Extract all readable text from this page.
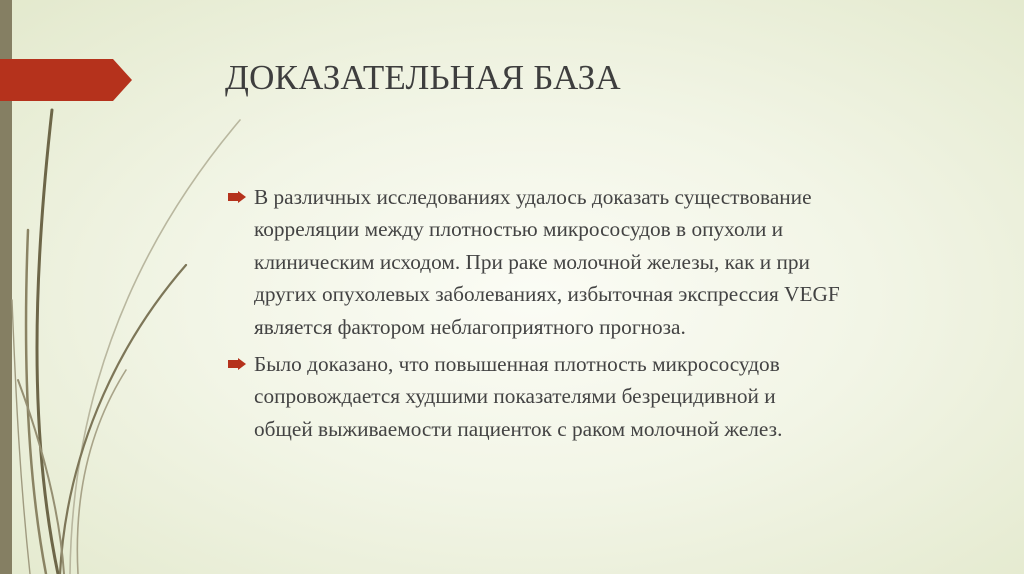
ДОКАЗАТЕЛЬНАЯ БАЗА
В различных исследованиях удалось доказать существование
корреляции между плотностью микрососудов в опухоли и
клиническим исходом. При раке молочной железы, как и при
других опухолевых заболеваниях, избыточная экспрессия VEGF
является фактором неблагоприятного прогноза.
Было доказано, что повышенная плотность микрососудов
сопровождается худшими показателями безрецидивной и
общей выживаемости пациенток с раком молочной желез.
